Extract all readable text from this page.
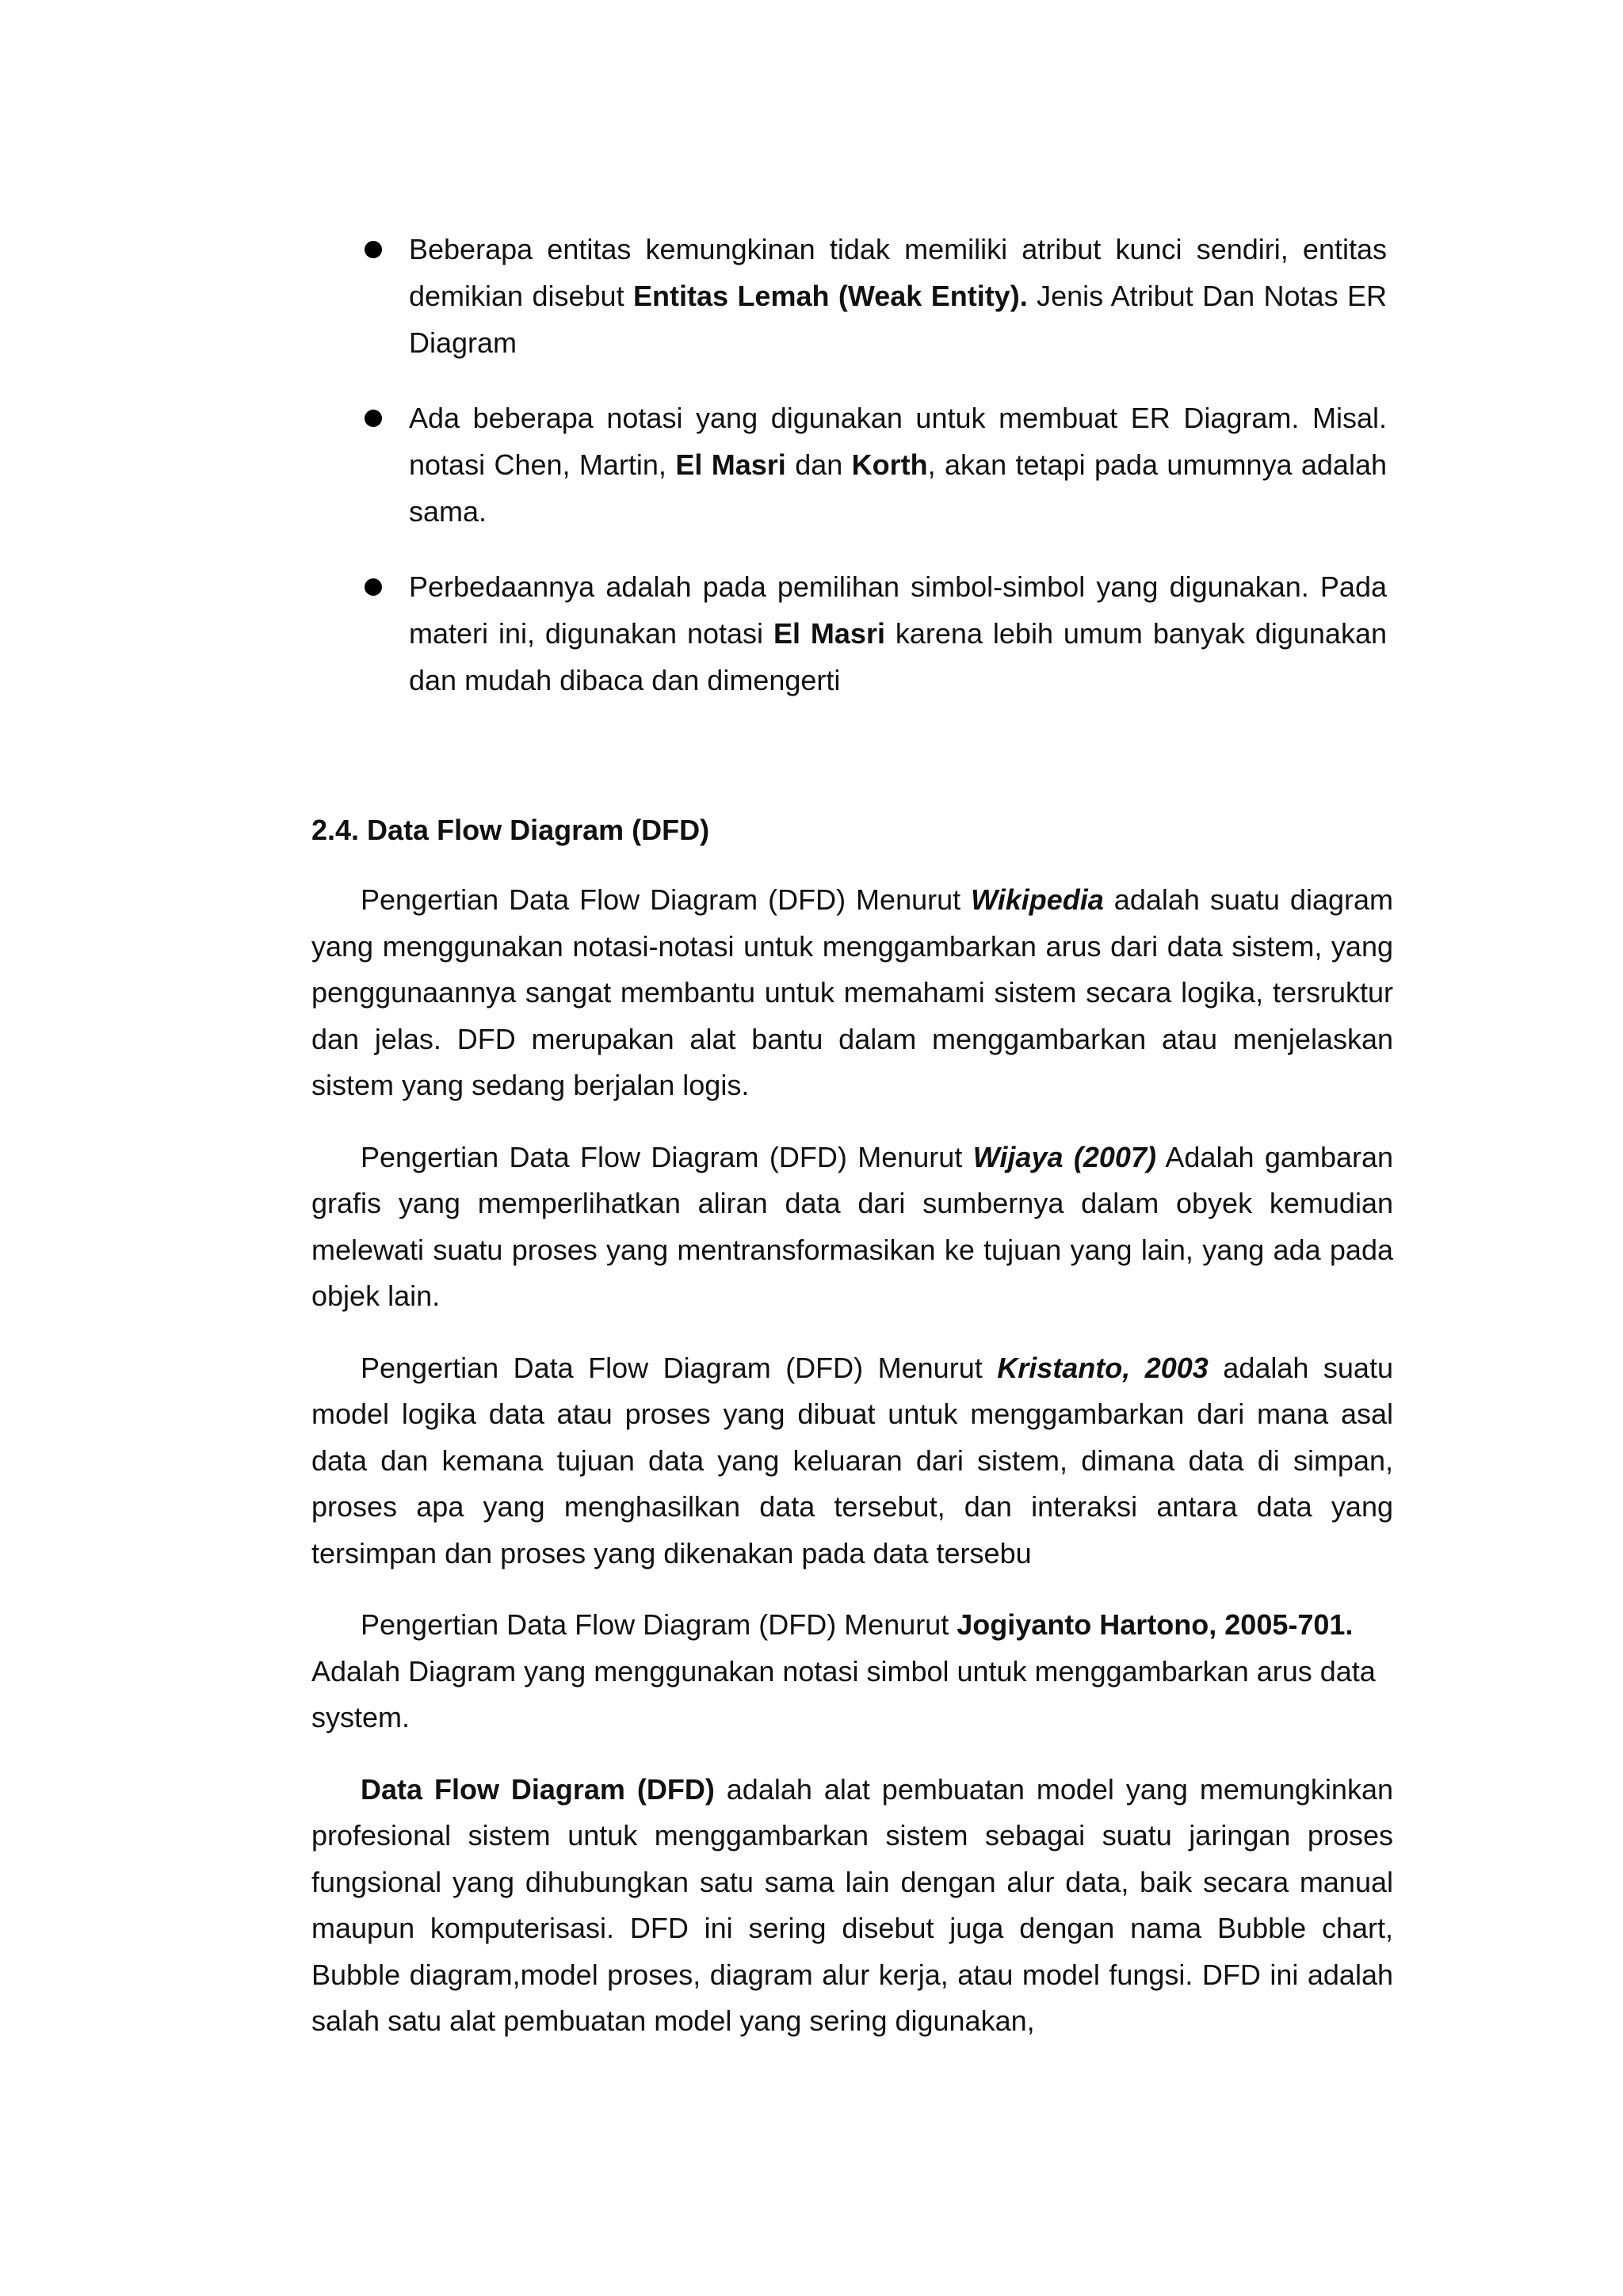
Beberapa entitas kemungkinan tidak memiliki atribut kunci sendiri, entitas demikian disebut Entitas Lemah (Weak Entity). Jenis Atribut Dan Notas ER Diagram
Ada beberapa notasi yang digunakan untuk membuat ER Diagram. Misal. notasi Chen, Martin, El Masri dan Korth, akan tetapi pada umumnya adalah sama.
Perbedaannya adalah pada pemilihan simbol-simbol yang digunakan. Pada materi ini, digunakan notasi El Masri karena lebih umum banyak digunakan dan mudah dibaca dan dimengerti
2.4. Data Flow Diagram (DFD)

Pengertian Data Flow Diagram (DFD) Menurut Wikipedia adalah suatu diagram yang menggunakan notasi-notasi untuk menggambarkan arus dari data sistem, yang penggunaannya sangat membantu untuk memahami sistem secara logika, tersruktur dan jelas. DFD merupakan alat bantu dalam menggambarkan atau menjelaskan sistem yang sedang berjalan logis.

Pengertian Data Flow Diagram (DFD) Menurut Wijaya (2007) Adalah gambaran grafis yang memperlihatkan aliran data dari sumbernya dalam obyek kemudian melewati suatu proses yang mentransformasikan ke tujuan yang lain, yang ada pada objek lain.

Pengertian Data Flow Diagram (DFD) Menurut Kristanto, 2003 adalah suatu model logika data atau proses yang dibuat untuk menggambarkan dari mana asal data dan kemana tujuan data yang keluaran dari sistem, dimana data di simpan, proses apa yang menghasilkan data tersebut, dan interaksi antara data yang tersimpan dan proses yang dikenakan pada data tersebu

Pengertian Data Flow Diagram (DFD) Menurut Jogiyanto Hartono, 2005-701. Adalah Diagram yang menggunakan notasi simbol untuk menggambarkan arus data system.

Data Flow Diagram (DFD) adalah alat pembuatan model yang memungkinkan profesional sistem untuk menggambarkan sistem sebagai suatu jaringan proses fungsional yang dihubungkan satu sama lain dengan alur data, baik secara manual maupun komputerisasi. DFD ini sering disebut juga dengan nama Bubble chart, Bubble diagram,model proses, diagram alur kerja, atau model fungsi. DFD ini adalah salah satu alat pembuatan model yang sering digunakan,
